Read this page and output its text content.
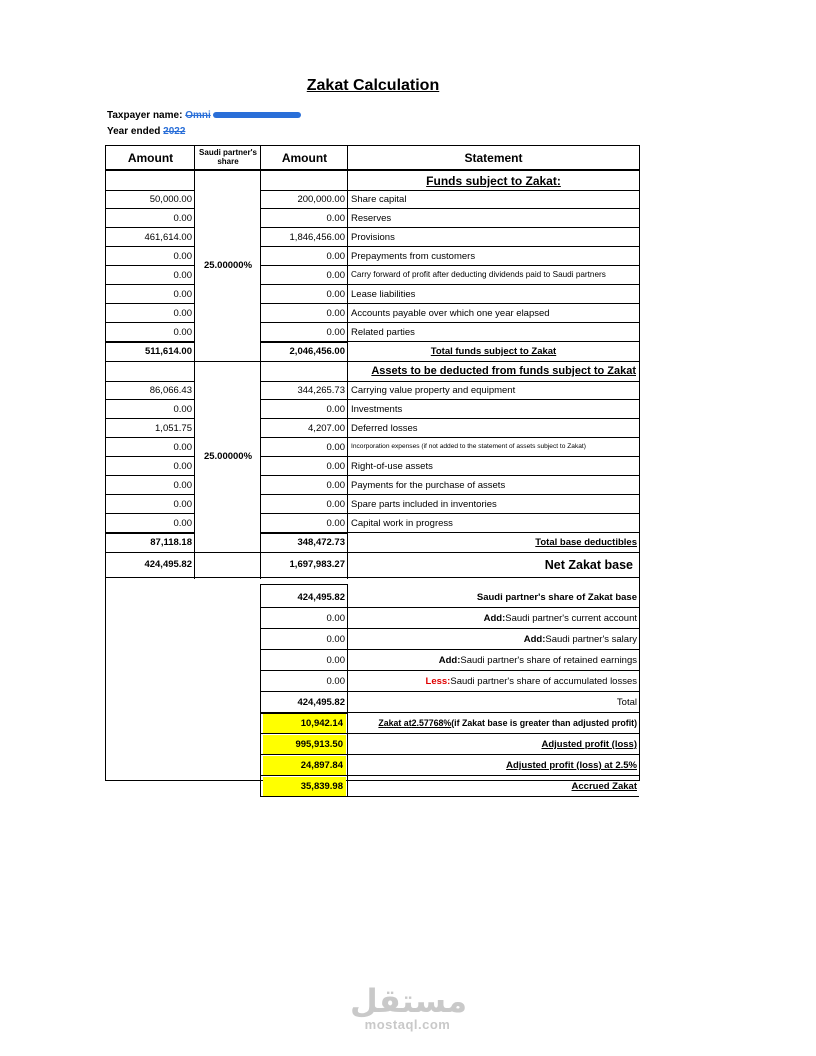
Zakat Calculation
Taxpayer name: Omni
Year ended 2022
Amount	Saudi partner's share	Amount	Statement
Funds subject to Zakat:
50,000.00	200,000.00 Share capital
0.00	0.00 Reserves
461,614.00	1,846,456.00 Provisions
0.00	0.00 Prepayments from customers
0.00	0.00 Carry forward of profit after deducting dividends paid to Saudi partners
0.00	0.00 Lease liabilities
0.00	0.00 Accounts payable over which one year elapsed
0.00	0.00 Related parties
25.00000%
511,614.00	2,046,456.00	Total funds subject to Zakat
Assets to be deducted from funds subject to Zakat
86,066.43	344,265.73 Carrying value property and equipment
0.00	0.00 Investments
1,051.75	4,207.00 Deferred losses
0.00	0.00 Incorporation expenses (if not added to the statement of assets subject to Zakat)
0.00	0.00 Right-of-use assets
0.00	0.00 Payments for the purchase of assets
0.00	0.00 Spare parts included in inventories
0.00	0.00 Capital work in progress
25.00000%
87,118.18	348,472.73	Total base deductibles
424,495.82	1,697,983.27	Net Zakat base
424,495.82	Saudi partner's share of Zakat base
0.00	Add: Saudi partner's current account
0.00	Add: Saudi partner's salary
0.00	Add: Saudi partner's share of retained earnings
0.00	Less: Saudi partner's share of accumulated losses
424,495.82	Total
10,942.14	Zakat at 2.57768% (if Zakat base is greater than adjusted profit)
995,913.50	Adjusted profit (loss)
24,897.84	Adjusted profit (loss) at 2.5%
35,839.98	Accrued Zakat
مستقل
mostaql.com
